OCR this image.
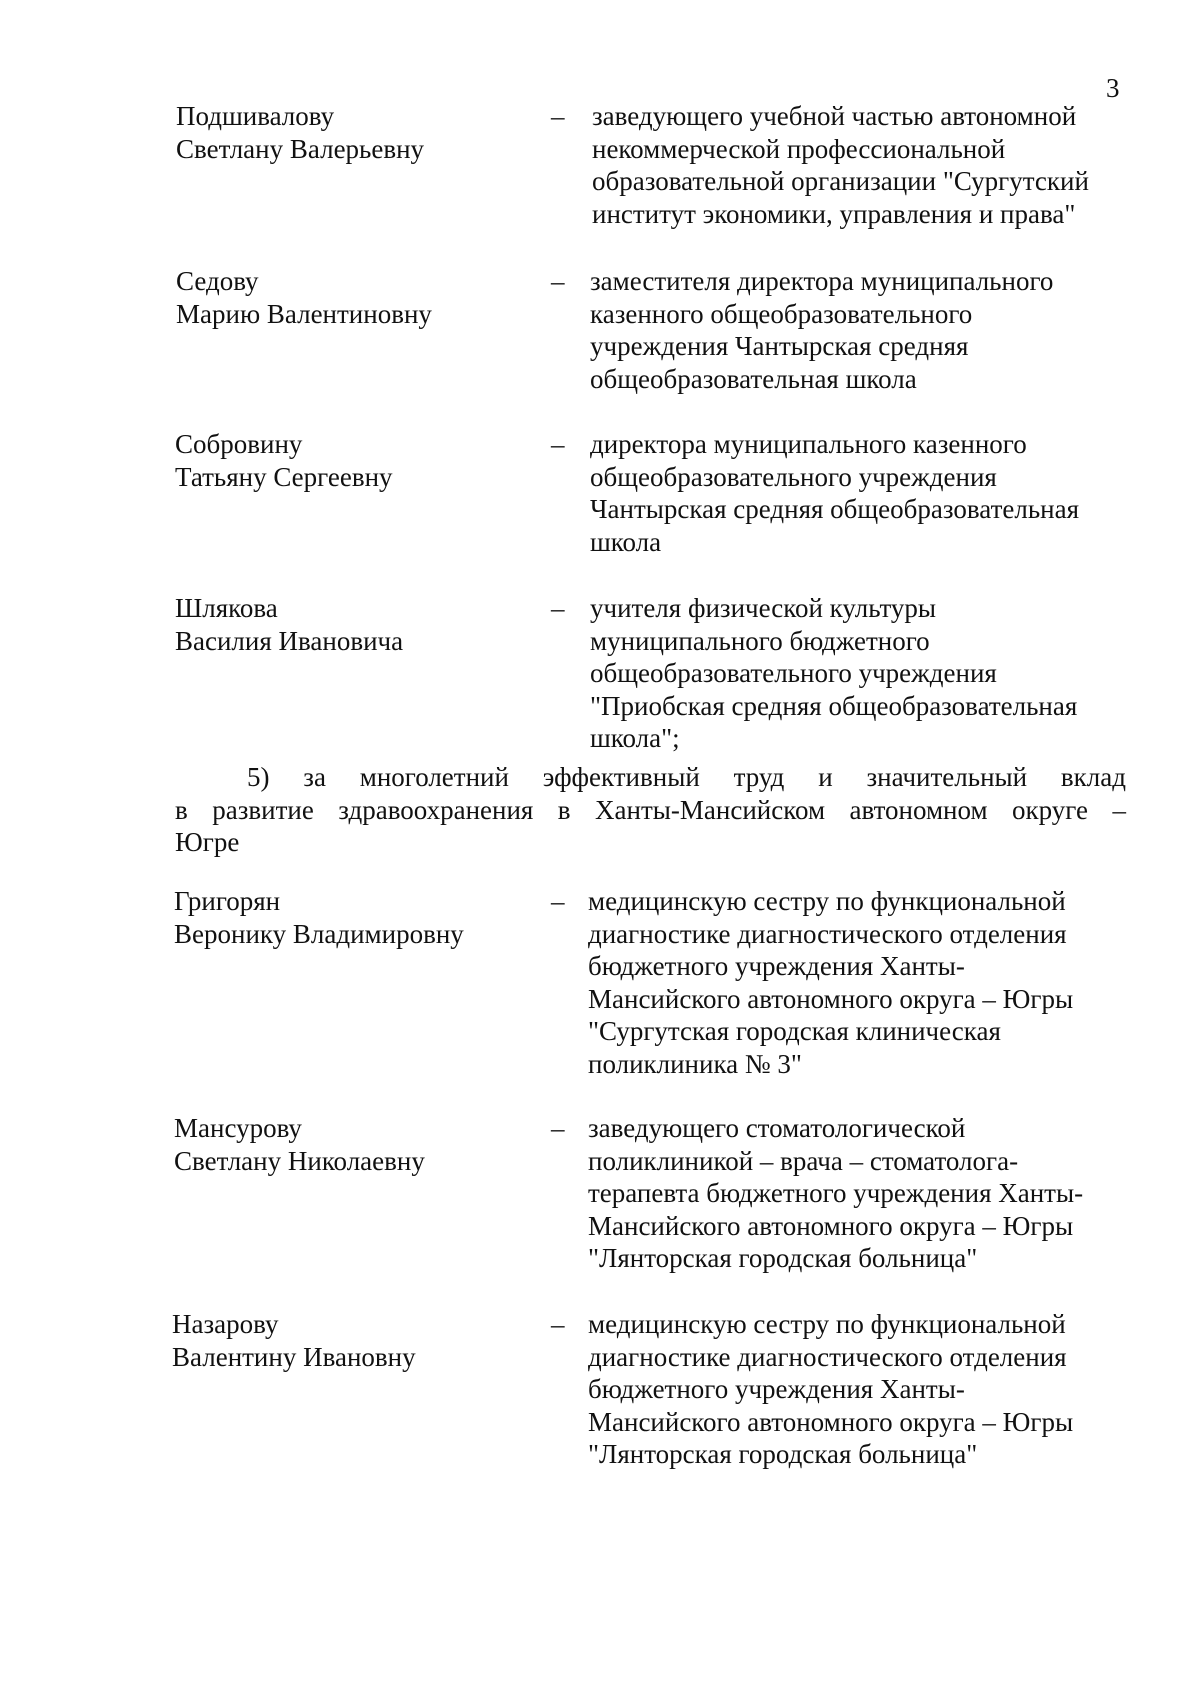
3
Подшивалову
Светлану Валерьевну
– заведующего учебной частью автономной
некоммерческой профессиональной
образовательной организации "Сургутский
институт экономики, управления и права"
Седову
Марию Валентиновну
– заместителя директора муниципального
казенного общеобразовательного
учреждения Чантырская средняя
общеобразовательная школа
Собровину
Татьяну Сергеевну
– директора муниципального казенного
общеобразовательного учреждения
Чантырская средняя общеобразовательная
школа
Шлякова
Василия Ивановича
– учителя физической культуры
муниципального бюджетного
общеобразовательного учреждения
"Приобская средняя общеобразовательная
школа";
5) за многолетний эффективный труд и значительный вклад
в развитие здравоохранения в Ханты-Мансийском автономном округе –
Югре
Григорян
Веронику Владимировну
– медицинскую сестру по функциональной
диагностике диагностического отделения
бюджетного учреждения Ханты-
Мансийского автономного округа – Югры
"Сургутская городская клиническая
поликлиника № 3"
Мансурову
Светлану Николаевну
– заведующего стоматологической
поликлиникой – врача – стоматолога-
терапевта бюджетного учреждения Ханты-
Мансийского автономного округа – Югры
"Лянторская городская больница"
Назарову
Валентину Ивановну
– медицинскую сестру по функциональной
диагностике диагностического отделения
бюджетного учреждения Ханты-
Мансийского автономного округа – Югры
"Лянторская городская больница"
